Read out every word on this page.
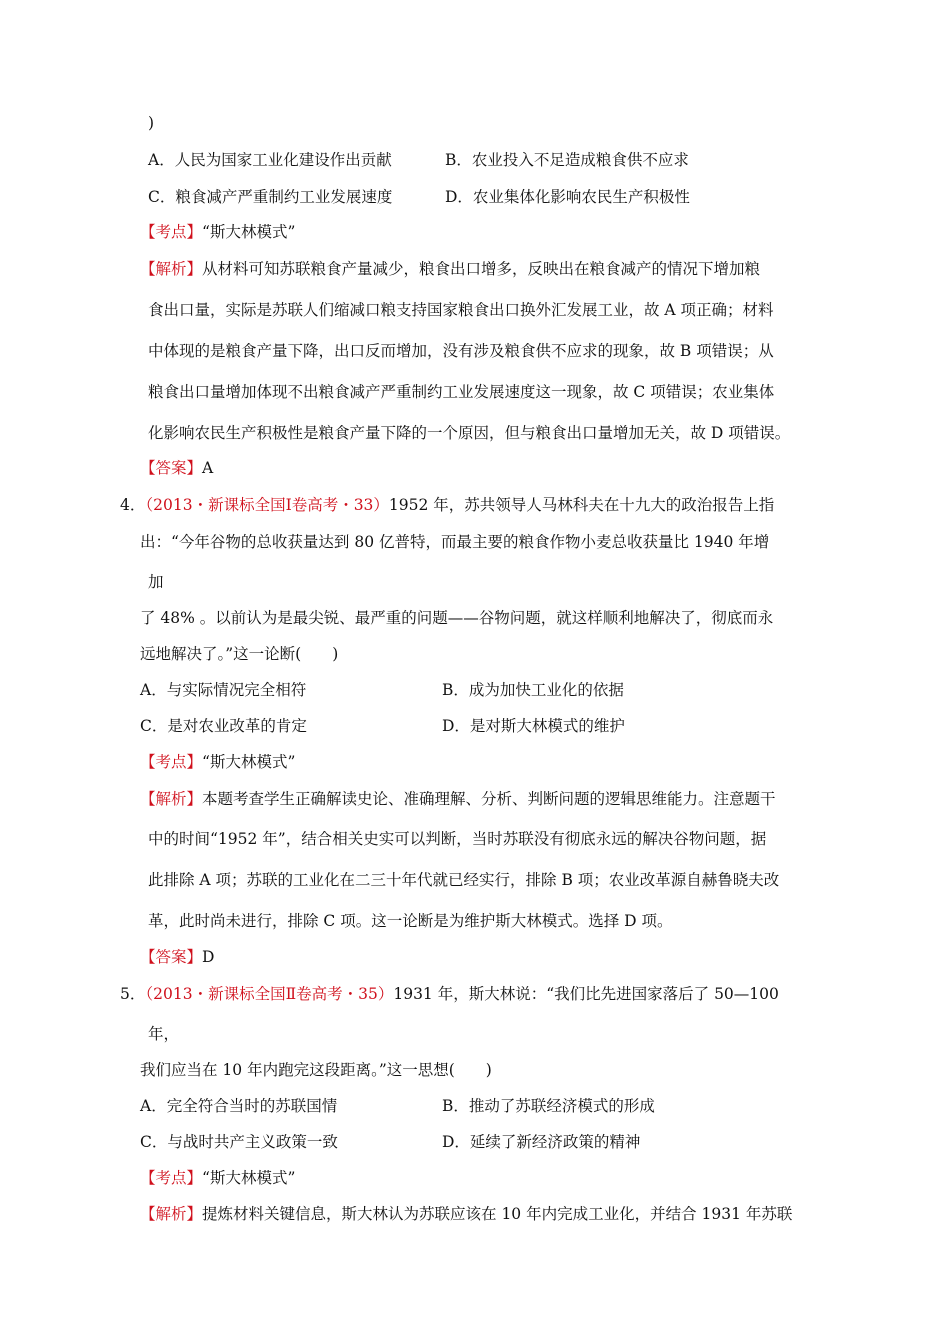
)
A．人民为国家工业化建设作出贡献	B．农业投入不足造成粮食供不应求
C．粮食减产严重制约工业发展速度	D．农业集体化影响农民生产积极性
【考点】“斯大林模式”
【解析】从材料可知苏联粮食产量减少，粮食出口增多，反映出在粮食减产的情况下增加粮
食出口量，实际是苏联人们缩减口粮支持国家粮食出口换外汇发展工业，故 A 项正确；材料
中体现的是粮食产量下降，出口反而增加，没有涉及粮食供不应求的现象，故 B 项错误；从
粮食出口量增加体现不出粮食减产严重制约工业发展速度这一现象，故 C 项错误；农业集体
化影响农民生产积极性是粮食产量下降的一个原因，但与粮食出口量增加无关，故 D 项错误。
【答案】A
4．（2013・新课标全国Ⅰ卷高考・33）1952 年，苏共领导人马林科夫在十九大的政治报告上指
出：“今年谷物的总收获量达到 80 亿普特，而最主要的粮食作物小麦总收获量比 1940 年增
加
了 48% 。以前认为是最尖锐、最严重的问题——谷物问题，就这样顺利地解决了，彻底而永
远地解决了。”这一论断(　　)
A．与实际情况完全相符	B．成为加快工业化的依据
C．是对农业改革的肯定	D．是对斯大林模式的维护
【考点】“斯大林模式”
【解析】本题考查学生正确解读史论、准确理解、分析、判断问题的逻辑思维能力。注意题干
中的时间“1952 年”，结合相关史实可以判断，当时苏联没有彻底永远的解决谷物问题，据
此排除 A 项；苏联的工业化在二三十年代就已经实行，排除 B 项；农业改革源自赫鲁晓夫改
革，此时尚未进行，排除 C 项。这一论断是为维护斯大林模式。选择 D 项。
【答案】D
5．（2013・新课标全国Ⅱ卷高考・35）1931 年，斯大林说：“我们比先进国家落后了 50—100
年，
我们应当在 10 年内跑完这段距离。”这一思想(　　)
A．完全符合当时的苏联国情	B．推动了苏联经济模式的形成
C．与战时共产主义政策一致	D．延续了新经济政策的精神
【考点】“斯大林模式”
【解析】提炼材料关键信息，斯大林认为苏联应该在 10 年内完成工业化，并结合 1931 年苏联
